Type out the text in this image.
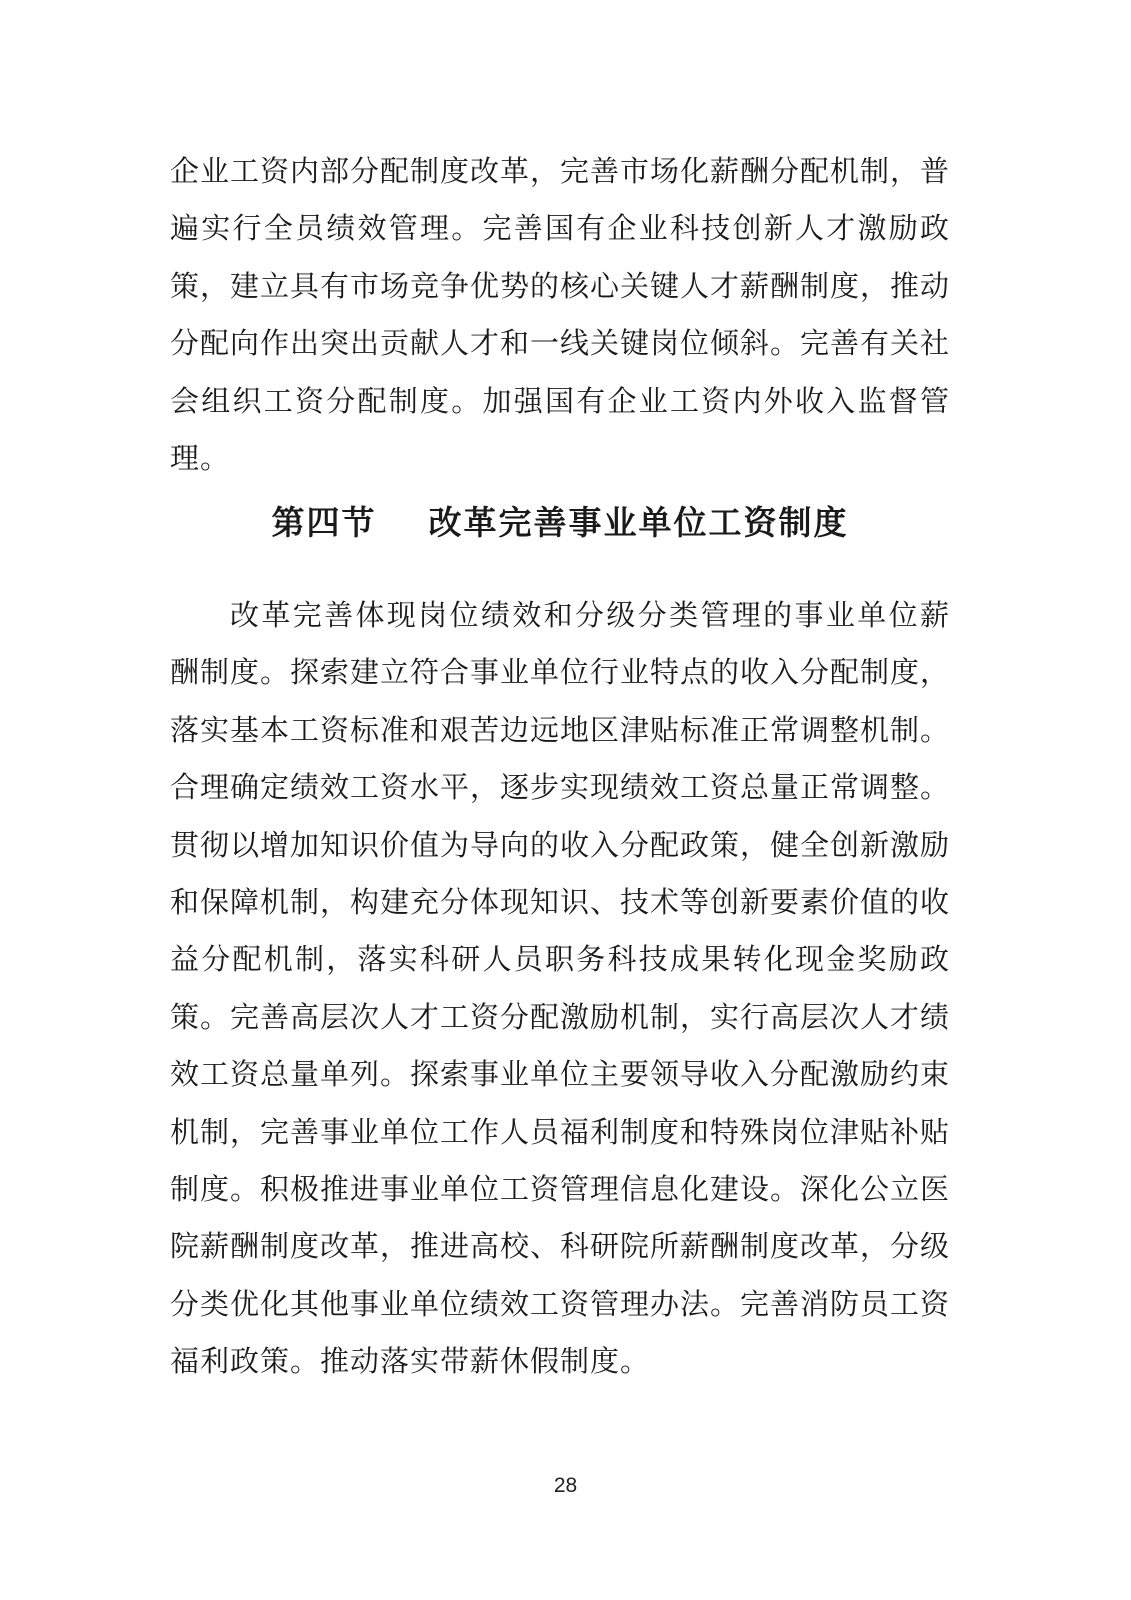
企业工资内部分配制度改革，完善市场化薪酬分配机制，普
遍实行全员绩效管理。完善国有企业科技创新人才激励政
策，建立具有市场竞争优势的核心关键人才薪酬制度，推动
分配向作出突出贡献人才和一线关键岗位倾斜。完善有关社
会组织工资分配制度。加强国有企业工资内外收入监督管
理。
第四节 改革完善事业单位工资制度
改革完善体现岗位绩效和分级分类管理的事业单位薪
酬制度。探索建立符合事业单位行业特点的收入分配制度，
落实基本工资标准和艰苦边远地区津贴标准正常调整机制。
合理确定绩效工资水平，逐步实现绩效工资总量正常调整。
贯彻以增加知识价值为导向的收入分配政策，健全创新激励
和保障机制，构建充分体现知识、技术等创新要素价值的收
益分配机制，落实科研人员职务科技成果转化现金奖励政
策。完善高层次人才工资分配激励机制，实行高层次人才绩
效工资总量单列。探索事业单位主要领导收入分配激励约束
机制，完善事业单位工作人员福利制度和特殊岗位津贴补贴
制度。积极推进事业单位工资管理信息化建设。深化公立医
院薪酬制度改革，推进高校、科研院所薪酬制度改革，分级
分类优化其他事业单位绩效工资管理办法。完善消防员工资
福利政策。推动落实带薪休假制度。
28
